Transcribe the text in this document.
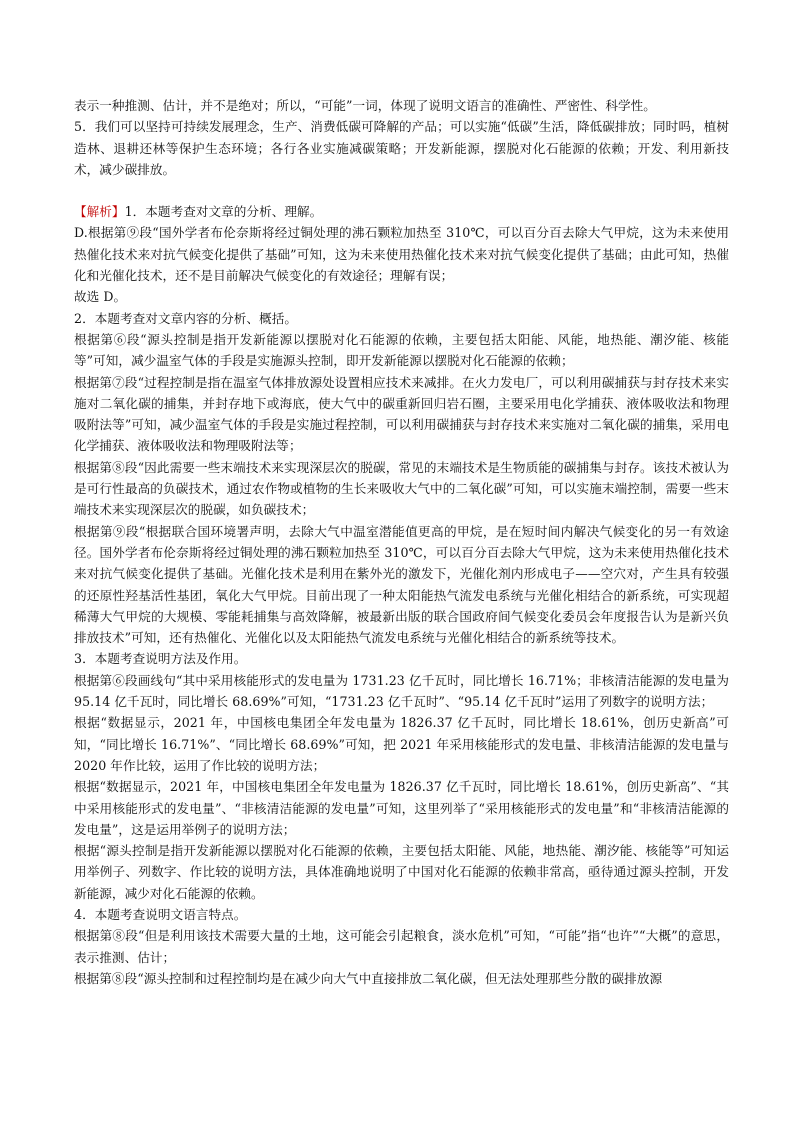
表示一种推测、估计，并不是绝对；所以，“可能”一词，体现了说明文语言的准确性、严密性、科学性。

5．我们可以坚持可持续发展理念，生产、消费低碳可降解的产品；可以实施“低碳”生活，降低碳排放；同时吗，植树造林、退耕还林等保护生态环境；各行各业实施减碳策略；开发新能源，摆脱对化石能源的依赖；开发、利用新技术，减少碳排放。

【解析】1．本题考查对文章的分析、理解。

D.根据第⑨段“国外学者布伦奈斯将经过铜处理的沸石颗粒加热至 310℃，可以百分百去除大气甲烷，这为未来使用热催化技术来对抗气候变化提供了基础”可知，这为未来使用热催化技术来对抗气候变化提供了基础；由此可知，热催化和光催化技术，还不是目前解决气候变化的有效途径；理解有误；

故选 D。

2．本题考查对文章内容的分析、概括。

根据第⑥段“源头控制是指开发新能源以摆脱对化石能源的依赖，主要包括太阳能、风能，地热能、潮汐能、核能等”可知，减少温室气体的手段是实施源头控制，即开发新能源以摆脱对化石能源的依赖；

根据第⑦段“过程控制是指在温室气体排放源处设置相应技术来减排。在火力发电厂，可以利用碳捕获与封存技术来实施对二氧化碳的捕集，并封存地下或海底，使大气中的碳重新回归岩石圈，主要采用电化学捕获、液体吸收法和物理吸附法等”可知，减少温室气体的手段是实施过程控制，可以利用碳捕获与封存技术来实施对二氧化碳的捕集，采用电化学捕获、液体吸收法和物理吸附法等；

根据第⑧段“因此需要一些末端技术来实现深层次的脱碳，常见的末端技术是生物质能的碳捕集与封存。该技术被认为是可行性最高的负碳技术，通过农作物或植物的生长来吸收大气中的二氧化碳”可知，可以实施末端控制，需要一些末端技术来实现深层次的脱碳，如负碳技术；

根据第⑨段“根据联合国环境署声明，去除大气中温室潜能值更高的甲烷，是在短时间内解决气候变化的另一有效途径。国外学者布伦奈斯将经过铜处理的沸石颗粒加热至 310℃，可以百分百去除大气甲烷，这为未来使用热催化技术来对抗气候变化提供了基础。光催化技术是利用在紫外光的激发下，光催化剂内形成电子——空穴对，产生具有较强的还原性羟基活性基团，氧化大气甲烷。目前出现了一种太阳能热气流发电系统与光催化相结合的新系统，可实现超稀薄大气甲烷的大规模、零能耗捕集与高效降解，被最新出版的联合国政府间气候变化委员会年度报告认为是新兴负排放技术”可知，还有热催化、光催化以及太阳能热气流发电系统与光催化相结合的新系统等技术。

3．本题考查说明方法及作用。

根据第⑥段画线句“其中采用核能形式的发电量为 1731.23 亿千瓦时，同比增长 16.71%；非核清洁能源的发电量为 95.14 亿千瓦时，同比增长 68.69%”可知，“1731.23 亿千瓦时”、“95.14 亿千瓦时”运用了列数字的说明方法；

根据“数据显示，2021 年，中国核电集团全年发电量为 1826.37 亿千瓦时，同比增长 18.61%，创历史新高”可知，“同比增长 16.71%”、“同比增长 68.69%”可知，把 2021 年采用核能形式的发电量、非核清洁能源的发电量与 2020 年作比较，运用了作比较的说明方法；

根据“数据显示，2021 年，中国核电集团全年发电量为 1826.37 亿千瓦时，同比增长 18.61%，创历史新高”、“其中采用核能形式的发电量”、“非核清洁能源的发电量”可知，这里列举了“采用核能形式的发电量”和“非核清洁能源的发电量”，这是运用举例子的说明方法；

根据“源头控制是指开发新能源以摆脱对化石能源的依赖，主要包括太阳能、风能，地热能、潮汐能、核能等”可知运用举例子、列数字、作比较的说明方法，具体准确地说明了中国对化石能源的依赖非常高，亟待通过源头控制，开发新能源，减少对化石能源的依赖。

4．本题考查说明文语言特点。

根据第⑧段“但是利用该技术需要大量的土地，这可能会引起粮食，淡水危机”可知，“可能”指“也许”“大概”的意思，表示推测、估计；

根据第⑧段“源头控制和过程控制均是在减少向大气中直接排放二氧化碳，但无法处理那些分散的碳排放源
